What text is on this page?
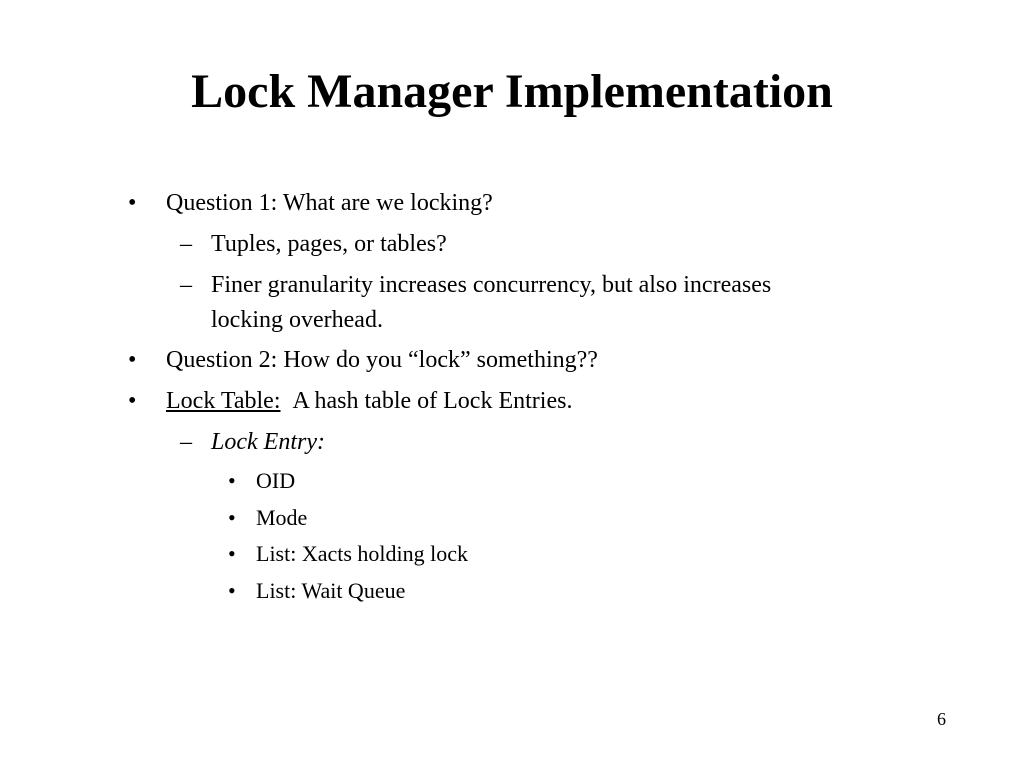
Lock Manager Implementation
• Question 1: What are we locking?
– Tuples, pages, or tables?
– Finer granularity increases concurrency, but also increases
locking overhead.
• Question 2: How do you “lock” something??
• Lock Table: A hash table of Lock Entries.
– Lock Entry:
• OID
• Mode
• List: Xacts holding lock
• List: Wait Queue
6
